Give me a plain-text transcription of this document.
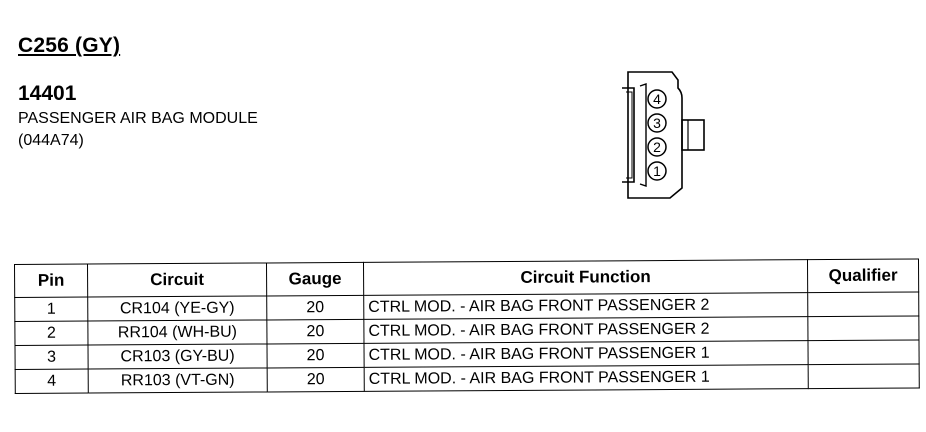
C256 (GY)
14401
PASSENGER AIR BAG MODULE
(044A74)
4
3
2
1
Pin	Circuit	Gauge	Circuit Function	Qualifier
1	CR104 (YE-GY)	20	CTRL MOD. - AIR BAG FRONT PASSENGER 2	
2	RR104 (WH-BU)	20	CTRL MOD. - AIR BAG FRONT PASSENGER 2	
3	CR103 (GY-BU)	20	CTRL MOD. - AIR BAG FRONT PASSENGER 1	
4	RR103 (VT-GN)	20	CTRL MOD. - AIR BAG FRONT PASSENGER 1	
